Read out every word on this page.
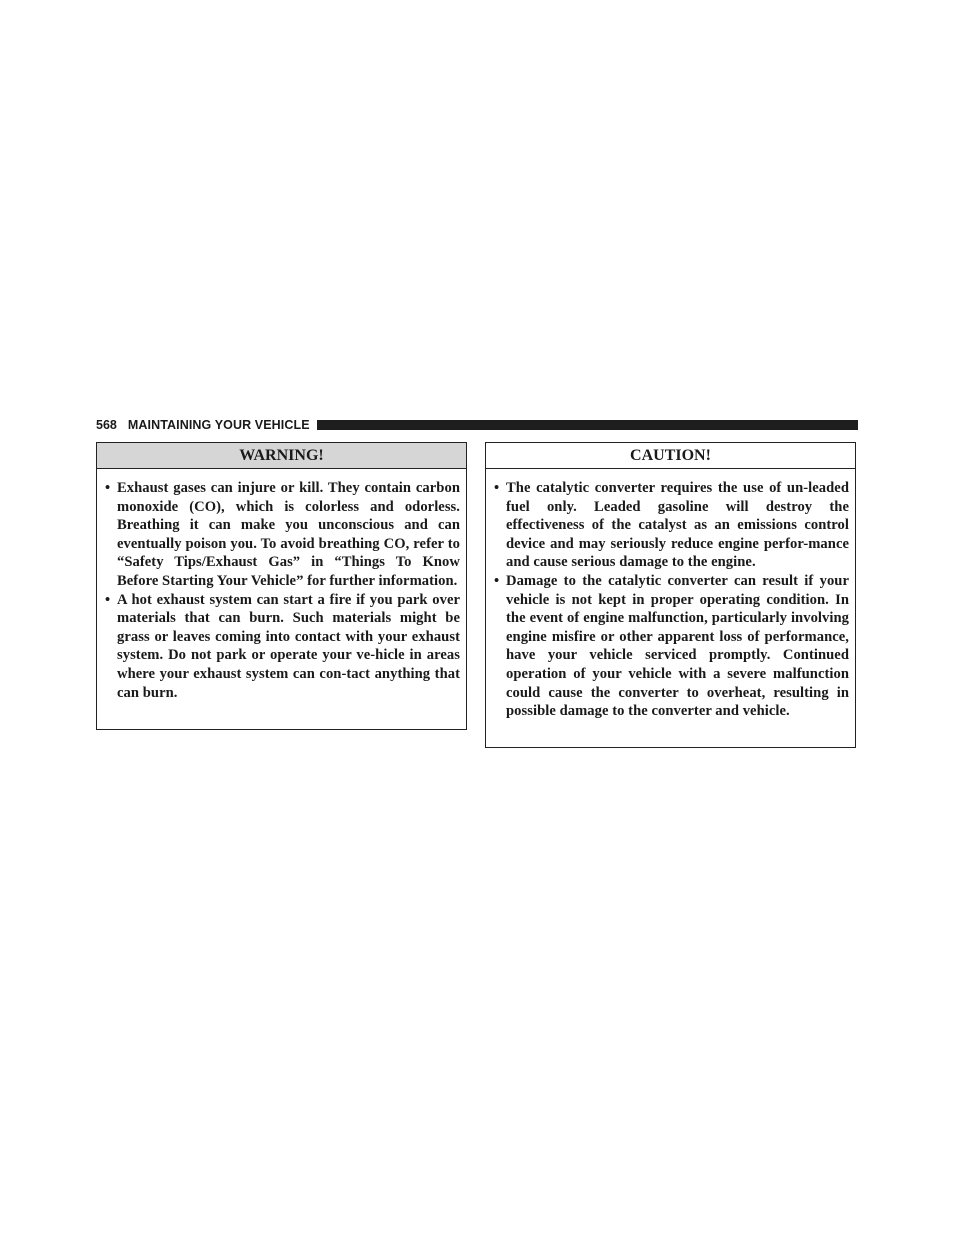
568 MAINTAINING YOUR VEHICLE
WARNING!
• Exhaust gases can injure or kill. They contain carbon monoxide (CO), which is colorless and odorless. Breathing it can make you unconscious and can eventually poison you. To avoid breathing CO, refer to “Safety Tips/Exhaust Gas” in “Things To Know Before Starting Your Vehicle” for further information.
• A hot exhaust system can start a fire if you park over materials that can burn. Such materials might be grass or leaves coming into contact with your exhaust system. Do not park or operate your ve-hicle in areas where your exhaust system can con-tact anything that can burn.
CAUTION!
• The catalytic converter requires the use of un-leaded fuel only. Leaded gasoline will destroy the effectiveness of the catalyst as an emissions control device and may seriously reduce engine perfor-mance and cause serious damage to the engine.
• Damage to the catalytic converter can result if your vehicle is not kept in proper operating condition. In the event of engine malfunction, particularly involving engine misfire or other apparent loss of performance, have your vehicle serviced promptly. Continued operation of your vehicle with a severe malfunction could cause the converter to overheat, resulting in possible damage to the converter and vehicle.
